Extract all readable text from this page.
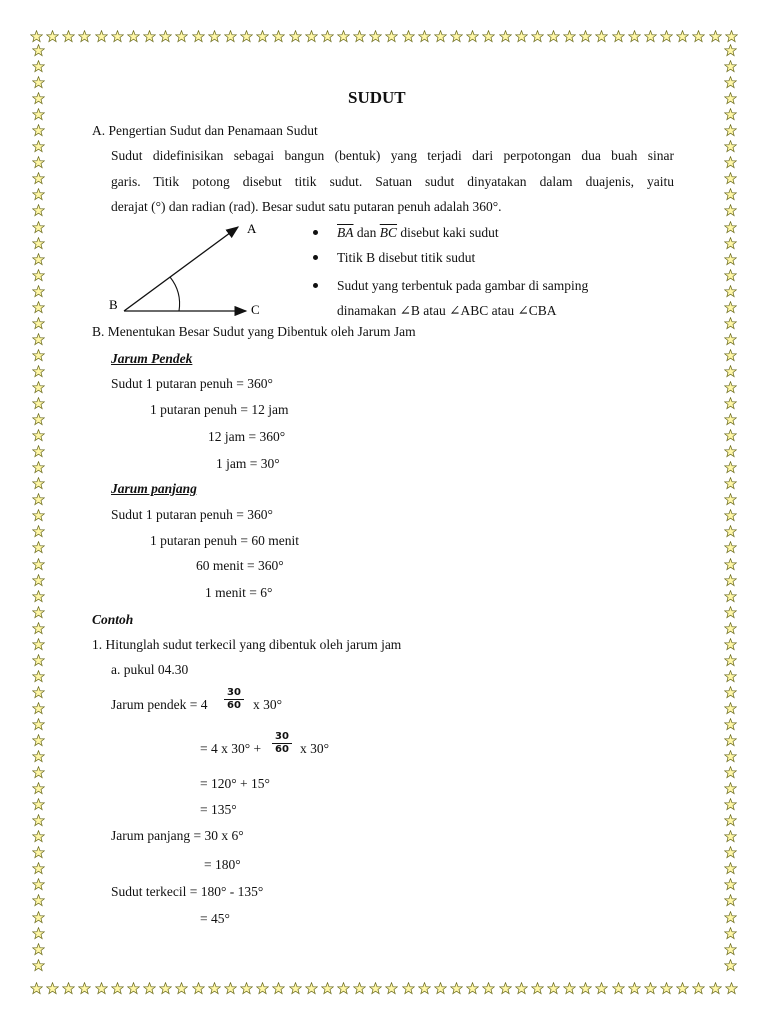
SUDUT
A. Pengertian Sudut dan Penamaan Sudut
Sudut didefinisikan sebagai bangun (bentuk) yang terjadi dari perpotongan dua buah sinar
garis. Titik potong disebut titik sudut. Satuan sudut dinyatakan dalam duajenis, yaitu
derajat (°) dan radian (rad). Besar sudut satu putaran penuh adalah 360°.
A
B	C
$\overline{BA}$ dan $\overline{BC}$ disebut kaki sudut
Titik B disebut titik sudut
Sudut yang terbentuk pada gambar di samping
dinamakan ∠B atau ∠ABC atau ∠CBA
B. Menentukan Besar Sudut yang Dibentuk oleh Jarum Jam
Jarum Pendek
Sudut 1 putaran penuh = 360°
1 putaran penuh = 12 jam
12 jam = 360°
1 jam = 30°
Jarum panjang
Sudut 1 putaran penuh = 360°
1 putaran penuh = 60 menit
60 menit = 360°
1 menit = 6°
Contoh
1. Hitunglah sudut terkecil yang dibentuk oleh jarum jam
a. pukul 04.30
Jarum pendek = $4 \frac{30}{60}$ x 30°
= 4 x $30^\circ + \frac{30}{60}$ x 30°
= 120° + 15°
= 135°
Jarum panjang = 30 x 6°
= 180°
Sudut terkecil = 180° - 135°
= 45°
